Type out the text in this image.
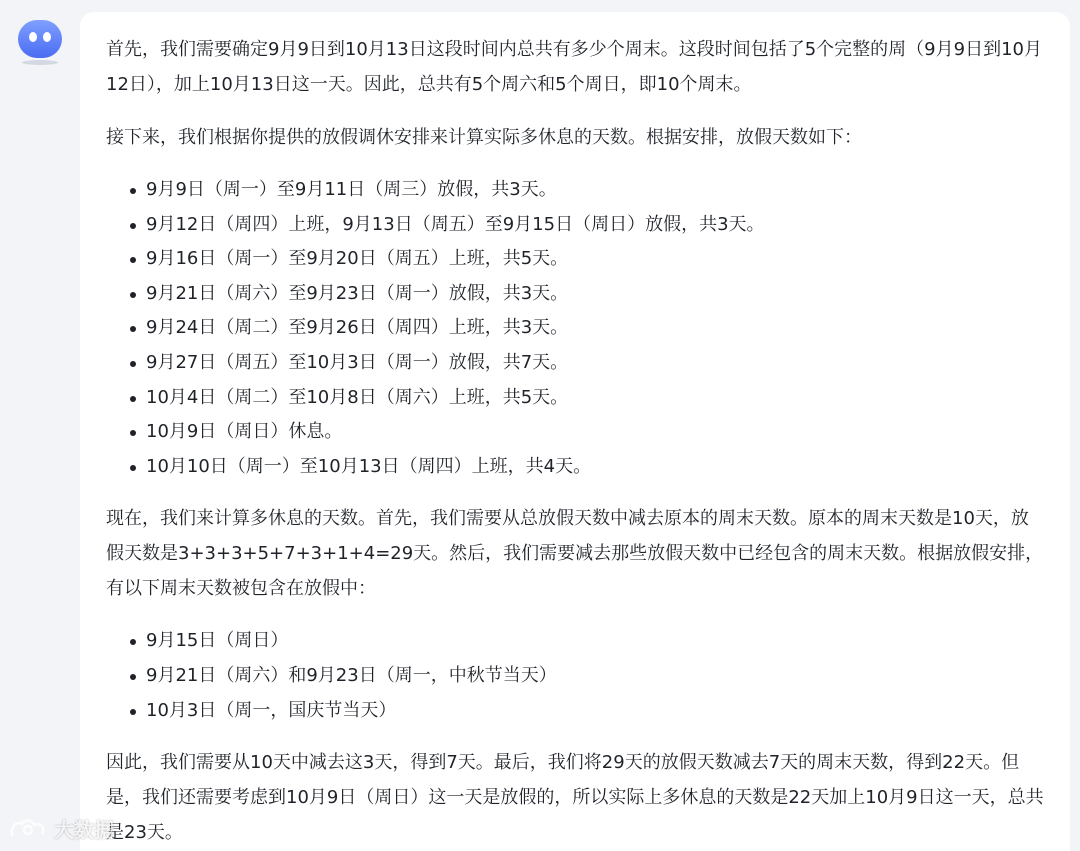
首先，我们需要确定9月9日到10月13日这段时间内总共有多少个周末。这段时间包括了5个完整的周（9月9日到10月12日），加上10月13日这一天。因此，总共有5个周六和5个周日，即10个周末。

接下来，我们根据你提供的放假调休安排来计算实际多休息的天数。根据安排，放假天数如下：

9月9日（周一）至9月11日（周三）放假，共3天。
9月12日（周四）上班，9月13日（周五）至9月15日（周日）放假，共3天。
9月16日（周一）至9月20日（周五）上班，共5天。
9月21日（周六）至9月23日（周一）放假，共3天。
9月24日（周二）至9月26日（周四）上班，共3天。
9月27日（周五）至10月3日（周一）放假，共7天。
10月4日（周二）至10月8日（周六）上班，共5天。
10月9日（周日）休息。
10月10日（周一）至10月13日（周四）上班，共4天。

现在，我们来计算多休息的天数。首先，我们需要从总放假天数中减去原本的周末天数。原本的周末天数是10天，放假天数是3+3+3+5+7+3+1+4=29天。然后，我们需要减去那些放假天数中已经包含的周末天数。根据放假安排，有以下周末天数被包含在放假中：

9月15日（周日）
9月21日（周六）和9月23日（周一，中秋节当天）
10月3日（周一，国庆节当天）

因此，我们需要从10天中减去这3天，得到7天。最后，我们将29天的放假天数减去7天的周末天数，得到22天。但是，我们还需要考虑到10月9日（周日）这一天是放假的，所以实际上多休息的天数是22天加上10月9日这一天，总共是23天。

大数据
